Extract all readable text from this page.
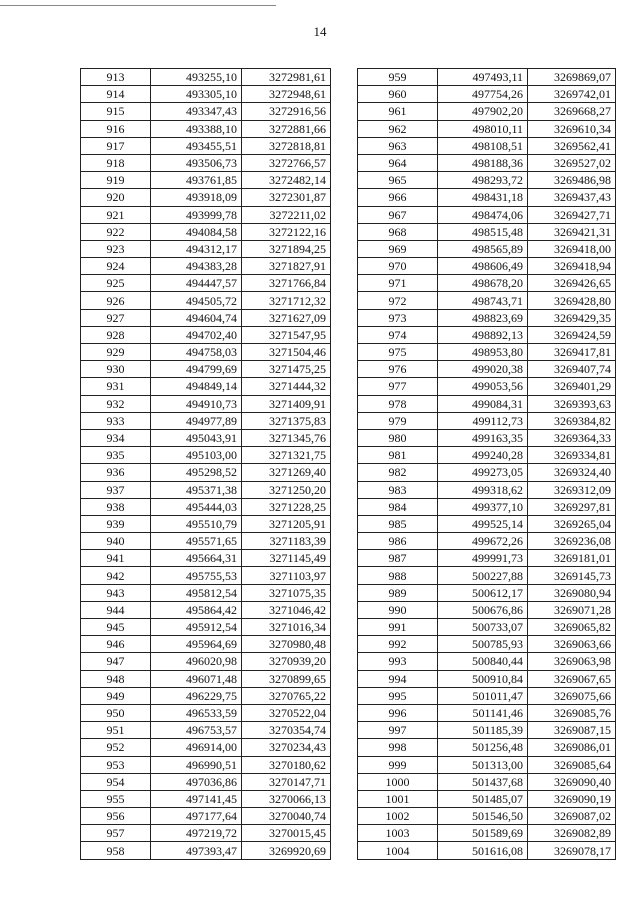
14
913	493255,10	3272981,61
914	493305,10	3272948,61
915	493347,43	3272916,56
916	493388,10	3272881,66
917	493455,51	3272818,81
918	493506,73	3272766,57
919	493761,85	3272482,14
920	493918,09	3272301,87
921	493999,78	3272211,02
922	494084,58	3272122,16
923	494312,17	3271894,25
924	494383,28	3271827,91
925	494447,57	3271766,84
926	494505,72	3271712,32
927	494604,74	3271627,09
928	494702,40	3271547,95
929	494758,03	3271504,46
930	494799,69	3271475,25
931	494849,14	3271444,32
932	494910,73	3271409,91
933	494977,89	3271375,83
934	495043,91	3271345,76
935	495103,00	3271321,75
936	495298,52	3271269,40
937	495371,38	3271250,20
938	495444,03	3271228,25
939	495510,79	3271205,91
940	495571,65	3271183,39
941	495664,31	3271145,49
942	495755,53	3271103,97
943	495812,54	3271075,35
944	495864,42	3271046,42
945	495912,54	3271016,34
946	495964,69	3270980,48
947	496020,98	3270939,20
948	496071,48	3270899,65
949	496229,75	3270765,22
950	496533,59	3270522,04
951	496753,57	3270354,74
952	496914,00	3270234,43
953	496990,51	3270180,62
954	497036,86	3270147,71
955	497141,45	3270066,13
956	497177,64	3270040,74
957	497219,72	3270015,45
958	497393,47	3269920,69
959	497493,11	3269869,07
960	497754,26	3269742,01
961	497902,20	3269668,27
962	498010,11	3269610,34
963	498108,51	3269562,41
964	498188,36	3269527,02
965	498293,72	3269486,98
966	498431,18	3269437,43
967	498474,06	3269427,71
968	498515,48	3269421,31
969	498565,89	3269418,00
970	498606,49	3269418,94
971	498678,20	3269426,65
972	498743,71	3269428,80
973	498823,69	3269429,35
974	498892,13	3269424,59
975	498953,80	3269417,81
976	499020,38	3269407,74
977	499053,56	3269401,29
978	499084,31	3269393,63
979	499112,73	3269384,82
980	499163,35	3269364,33
981	499240,28	3269334,81
982	499273,05	3269324,40
983	499318,62	3269312,09
984	499377,10	3269297,81
985	499525,14	3269265,04
986	499672,26	3269236,08
987	499991,73	3269181,01
988	500227,88	3269145,73
989	500612,17	3269080,94
990	500676,86	3269071,28
991	500733,07	3269065,82
992	500785,93	3269063,66
993	500840,44	3269063,98
994	500910,84	3269067,65
995	501011,47	3269075,66
996	501141,46	3269085,76
997	501185,39	3269087,15
998	501256,48	3269086,01
999	501313,00	3269085,64
1000	501437,68	3269090,40
1001	501485,07	3269090,19
1002	501546,50	3269087,02
1003	501589,69	3269082,89
1004	501616,08	3269078,17
